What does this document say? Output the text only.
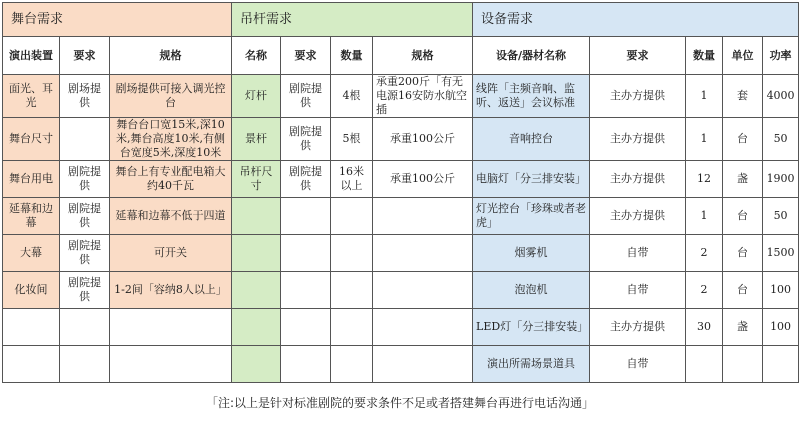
舞台需求			吊杆需求				设备需求				
演出装置	要求	规格	名称	要求	数量	规格	设备/器材名称	要求	数量	单位	功率
面光、耳光	剧场提供	剧场提供可接入调光控台	灯杆	剧院提供	4根	承重200斤「有无电源16安防水航空插	线阵「主频音响、监听、返送」会议标准	主办方提供	1	套	4000
舞台尺寸		舞台台口宽15米,深10米,舞台高度10米,有侧台宽度5米,深度10米	景杆	剧院提供	5根	承重100公斤	音响控台	主办方提供	1	台	50
舞台用电	剧院提供	舞台上有专业配电箱大约40千瓦	吊杆尺寸	剧院提供	16米以上	承重100公斤	电脑灯「分三排安装」	主办方提供	12	盏	1900
延幕和边幕	剧院提供	延幕和边幕不低于四道					灯光控台「珍珠或者老虎」	主办方提供	1	台	50
大幕	剧院提供	可开关					烟雾机	自带	2	台	1500
化妆间	剧院提供	1-2间「容纳8人以上」					泡泡机	自带	2	台	100
							LED灯「分三排安装」	主办方提供	30	盏	100
							演出所需场景道具	自带			
「注:以上是针对标准剧院的要求条件不足或者搭建舞台再进行电话沟通」
